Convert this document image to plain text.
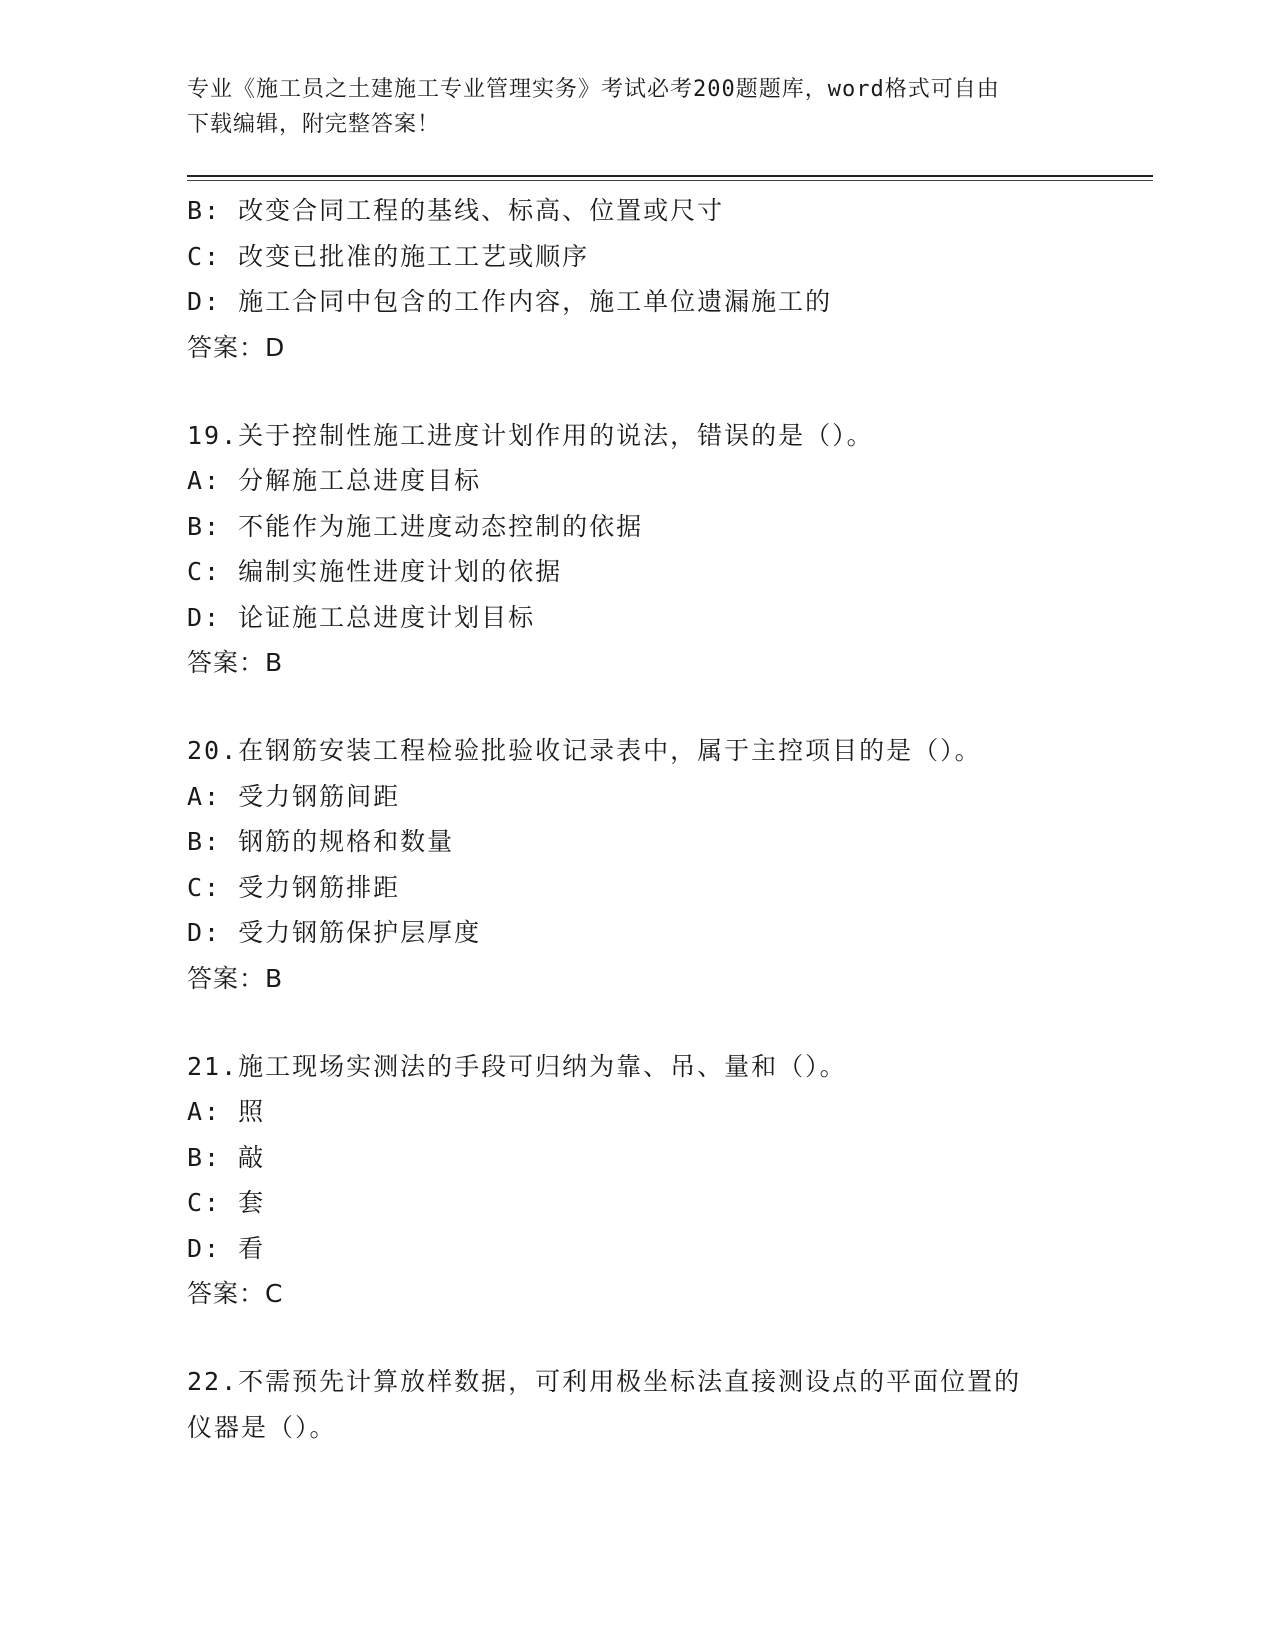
专业《施工员之土建施工专业管理实务》考试必考200题题库，word格式可自由
下载编辑，附完整答案！
B: 改变合同工程的基线、标高、位置或尺寸
C: 改变已批准的施工工艺或顺序
D: 施工合同中包含的工作内容，施工单位遗漏施工的
答案：D
19.关于控制性施工进度计划作用的说法，错误的是（）。
A: 分解施工总进度目标
B: 不能作为施工进度动态控制的依据
C: 编制实施性进度计划的依据
D: 论证施工总进度计划目标
答案：B
20.在钢筋安装工程检验批验收记录表中，属于主控项目的是（）。
A: 受力钢筋间距
B: 钢筋的规格和数量
C: 受力钢筋排距
D: 受力钢筋保护层厚度
答案：B
21.施工现场实测法的手段可归纳为靠、吊、量和（）。
A: 照
B: 敲
C: 套
D: 看
答案：C
22.不需预先计算放样数据，可利用极坐标法直接测设点的平面位置的
仪器是（）。
